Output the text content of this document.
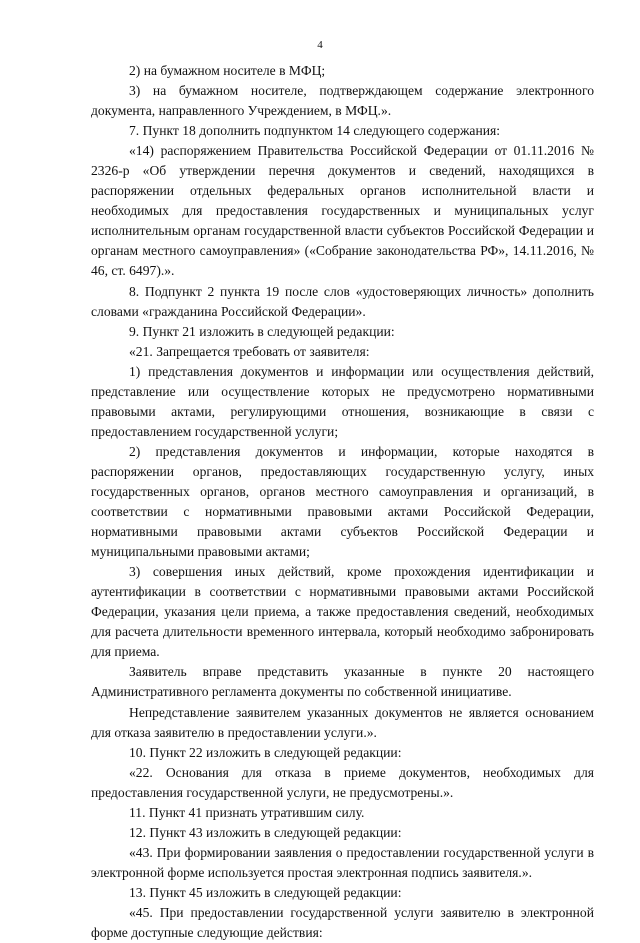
4

2) на бумажном носителе в МФЦ;

3) на бумажном носителе, подтверждающем содержание электронного документа, направленного Учреждением, в МФЦ.».

7. Пункт 18 дополнить подпунктом 14 следующего содержания:

«14) распоряжением Правительства Российской Федерации от 01.11.2016 № 2326-р «Об утверждении перечня документов и сведений, находящихся в распоряжении отдельных федеральных органов исполнительной власти и необходимых для предоставления государственных и муниципальных услуг исполнительным органам государственной власти субъектов Российской Федерации и органам местного самоуправления» («Собрание законодательства РФ», 14.11.2016, № 46, ст. 6497).».

8. Подпункт 2 пункта 19 после слов «удостоверяющих личность» дополнить словами «гражданина Российской Федерации».

9. Пункт 21 изложить в следующей редакции:

«21. Запрещается требовать от заявителя:

1) представления документов и информации или осуществления действий, представление или осуществление которых не предусмотрено нормативными правовыми актами, регулирующими отношения, возникающие в связи с предоставлением государственной услуги;

2) представления документов и информации, которые находятся в распоряжении органов, предоставляющих государственную услугу, иных государственных органов, органов местного самоуправления и организаций, в соответствии с нормативными правовыми актами Российской Федерации, нормативными правовыми актами субъектов Российской Федерации и муниципальными правовыми актами;

3) совершения иных действий, кроме прохождения идентификации и аутентификации в соответствии с нормативными правовыми актами Российской Федерации, указания цели приема, а также предоставления сведений, необходимых для расчета длительности временного интервала, который необходимо забронировать для приема.

Заявитель вправе представить указанные в пункте 20 настоящего Административного регламента документы по собственной инициативе.

Непредставление заявителем указанных документов не является основанием для отказа заявителю в предоставлении услуги.».

10. Пункт 22 изложить в следующей редакции:

«22. Основания для отказа в приеме документов, необходимых для предоставления государственной услуги, не предусмотрены.».

11. Пункт 41 признать утратившим силу.

12. Пункт 43 изложить в следующей редакции:

«43. При формировании заявления о предоставлении государственной услуги в электронной форме используется простая электронная подпись заявителя.».

13. Пункт 45 изложить в следующей редакции:

«45. При предоставлении государственной услуги заявителю в электронной форме доступные следующие действия:
